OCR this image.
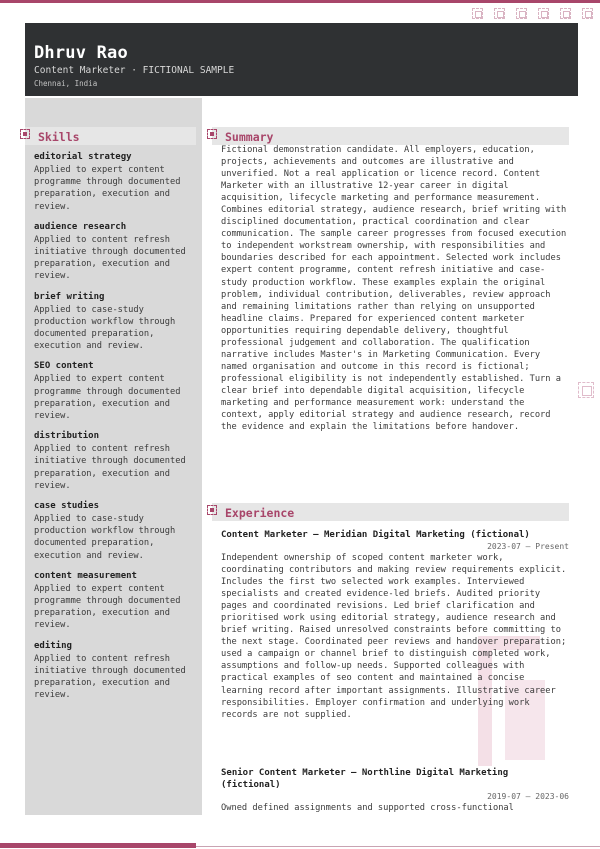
Dhruv Rao
Content Marketer · FICTIONAL SAMPLE
Chennai, India
Skills
editorial strategy
Applied to expert content programme through documented preparation, execution and review.
audience research
Applied to content refresh initiative through documented preparation, execution and review.
brief writing
Applied to case-study production workflow through documented preparation, execution and review.
SEO content
Applied to expert content programme through documented preparation, execution and review.
distribution
Applied to content refresh initiative through documented preparation, execution and review.
case studies
Applied to case-study production workflow through documented preparation, execution and review.
content measurement
Applied to expert content programme through documented preparation, execution and review.
editing
Applied to content refresh initiative through documented preparation, execution and review.
Summary
Fictional demonstration candidate. All employers, education, projects, achievements and outcomes are illustrative and unverified. Not a real application or licence record. Content Marketer with an illustrative 12-year career in digital acquisition, lifecycle marketing and performance measurement. Combines editorial strategy, audience research, brief writing with disciplined documentation, practical coordination and clear communication. The sample career progresses from focused execution to independent workstream ownership, with responsibilities and boundaries described for each appointment. Selected work includes expert content programme, content refresh initiative and case-study production workflow. These examples explain the original problem, individual contribution, deliverables, review approach and remaining limitations rather than relying on unsupported headline claims. Prepared for experienced content marketer opportunities requiring dependable delivery, thoughtful professional judgement and collaboration. The qualification narrative includes Master's in Marketing Communication. Every named organisation and outcome in this record is fictional; professional eligibility is not independently established. Turn a clear brief into dependable digital acquisition, lifecycle marketing and performance measurement work: understand the context, apply editorial strategy and audience research, record the evidence and explain the limitations before handover.
Experience
Content Marketer — Meridian Digital Marketing (fictional)
2023-07 – Present
Independent ownership of scoped content marketer work, coordinating contributors and making review requirements explicit. Includes the first two selected work examples. Interviewed specialists and created evidence-led briefs. Audited priority pages and coordinated revisions. Led brief clarification and prioritised work using editorial strategy, audience research and brief writing. Raised unresolved constraints before committing to the next stage. Coordinated peer reviews and handover preparation; used a campaign or channel brief to distinguish completed work, assumptions and follow-up needs. Supported colleagues with practical examples of seo content and maintained a concise learning record after important assignments. Illustrative career responsibilities. Employer confirmation and underlying work records are not supplied.
Senior Content Marketer — Northline Digital Marketing (fictional)
2019-07 – 2023-06
Owned defined assignments and supported cross-functional
